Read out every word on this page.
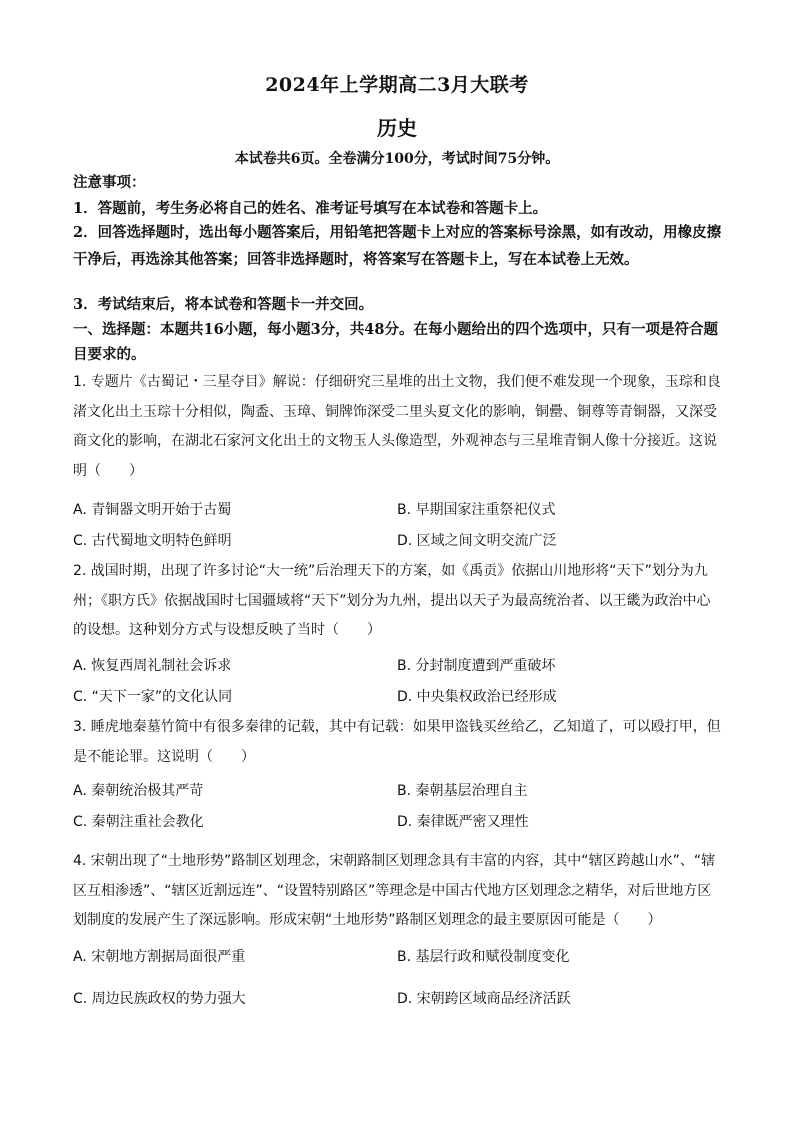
2024年上学期高二3月大联考
历史
本试卷共6页。全卷满分100分，考试时间75分钟。
注意事项：
1．答题前，考生务必将自己的姓名、准考证号填写在本试卷和答题卡上。
2．回答选择题时，选出每小题答案后，用铅笔把答题卡上对应的答案标号涂黑，如有改动，用橡皮擦干净后，再选涂其他答案；回答非选择题时，将答案写在答题卡上，写在本试卷上无效。
3．考试结束后，将本试卷和答题卡一并交回。
一、选择题：本题共16小题，每小题3分，共48分。在每小题给出的四个选项中，只有一项是符合题目要求的。
1. 专题片《古蜀记・三星夺目》解说：仔细研究三星堆的出土文物，我们便不难发现一个现象，玉琮和良渚文化出土玉琮十分相似，陶盉、玉璋、铜牌饰深受二里头夏文化的影响，铜罍、铜尊等青铜器，又深受商文化的影响，在湖北石家河文化出土的文物玉人头像造型，外观神态与三星堆青铜人像十分接近。这说明（　　）
A. 青铜器文明开始于古蜀	B. 早期国家注重祭祀仪式
C. 古代蜀地文明特色鲜明	D. 区域之间文明交流广泛
2. 战国时期，出现了许多讨论“大一统”后治理天下的方案，如《禹贡》依据山川地形将“天下”划分为九州；《职方氏》依据战国时七国疆域将“天下”划分为九州，提出以天子为最高统治者、以王畿为政治中心的设想。这种划分方式与设想反映了当时（　　）
A. 恢复西周礼制社会诉求	B. 分封制度遭到严重破坏
C. “天下一家”的文化认同	D. 中央集权政治已经形成
3. 睡虎地秦墓竹简中有很多秦律的记载，其中有记载：如果甲盗钱买丝给乙，乙知道了，可以殴打甲，但是不能论罪。这说明（　　）
A. 秦朝统治极其严苛	B. 秦朝基层治理自主
C. 秦朝注重社会教化	D. 秦律既严密又理性
4. 宋朝出现了“土地形势”路制区划理念，宋朝路制区划理念具有丰富的内容，其中“辖区跨越山水”、“辖区互相渗透”、“辖区近割远连”、“设置特别路区”等理念是中国古代地方区划理念之精华，对后世地方区划制度的发展产生了深远影响。形成宋朝“土地形势”路制区划理念的最主要原因可能是（　　）
A. 宋朝地方割据局面很严重	B. 基层行政和赋役制度变化
C. 周边民族政权的势力强大	D. 宋朝跨区域商品经济活跃
